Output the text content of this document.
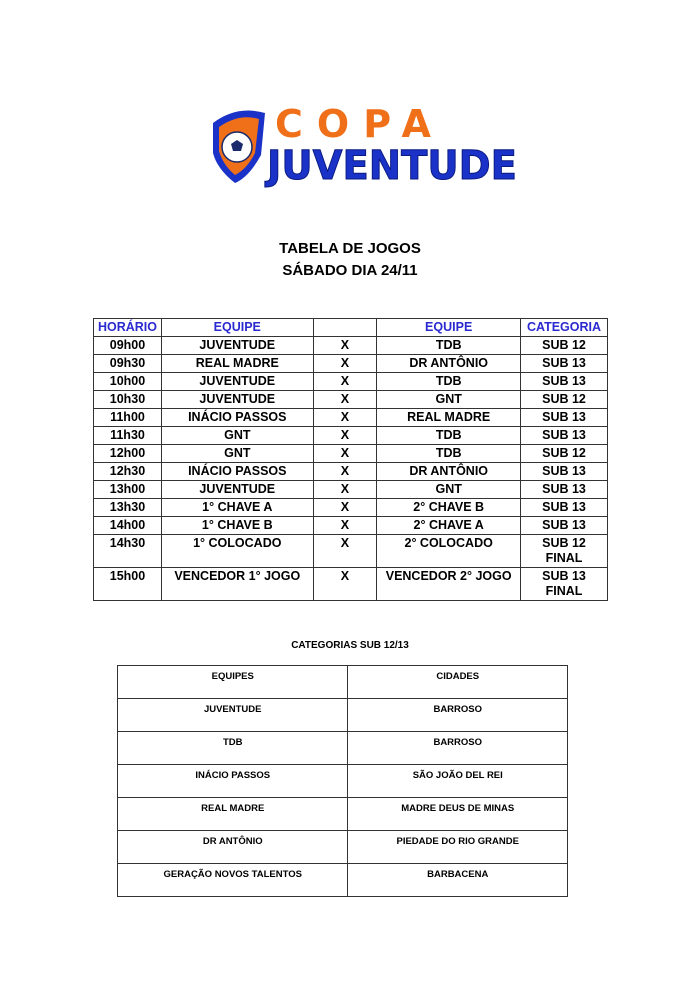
COPA
JUVENTUDE
TABELA DE JOGOS
SÁBADO DIA 24/11
HORÁRIO	EQUIPE		EQUIPE	CATEGORIA
09h00	JUVENTUDE	X	TDB	SUB 12
09h30	REAL MADRE	X	DR ANTÔNIO	SUB 13
10h00	JUVENTUDE	X	TDB	SUB 13
10h30	JUVENTUDE	X	GNT	SUB 12
11h00	INÁCIO PASSOS	X	REAL MADRE	SUB 13
11h30	GNT	X	TDB	SUB 13
12h00	GNT	X	TDB	SUB 12
12h30	INÁCIO PASSOS	X	DR ANTÔNIO	SUB 13
13h00	JUVENTUDE	X	GNT	SUB 13
13h30	1° CHAVE A	X	2° CHAVE B	SUB 13
14h00	1° CHAVE B	X	2° CHAVE A	SUB 13
14h30	1° COLOCADO	X	2° COLOCADO	SUB 12
FINAL

15h00	VENCEDOR 1° JOGO	X	VENCEDOR 2° JOGO	SUB 13
FINAL
CATEGORIAS SUB 12/13
EQUIPES	CIDADES
JUVENTUDE	BARROSO
TDB	BARROSO
INÁCIO PASSOS	SÃO JOÃO DEL REI
REAL MADRE	MADRE DEUS DE MINAS
DR ANTÔNIO	PIEDADE DO RIO GRANDE
GERAÇÃO NOVOS TALENTOS	BARBACENA
